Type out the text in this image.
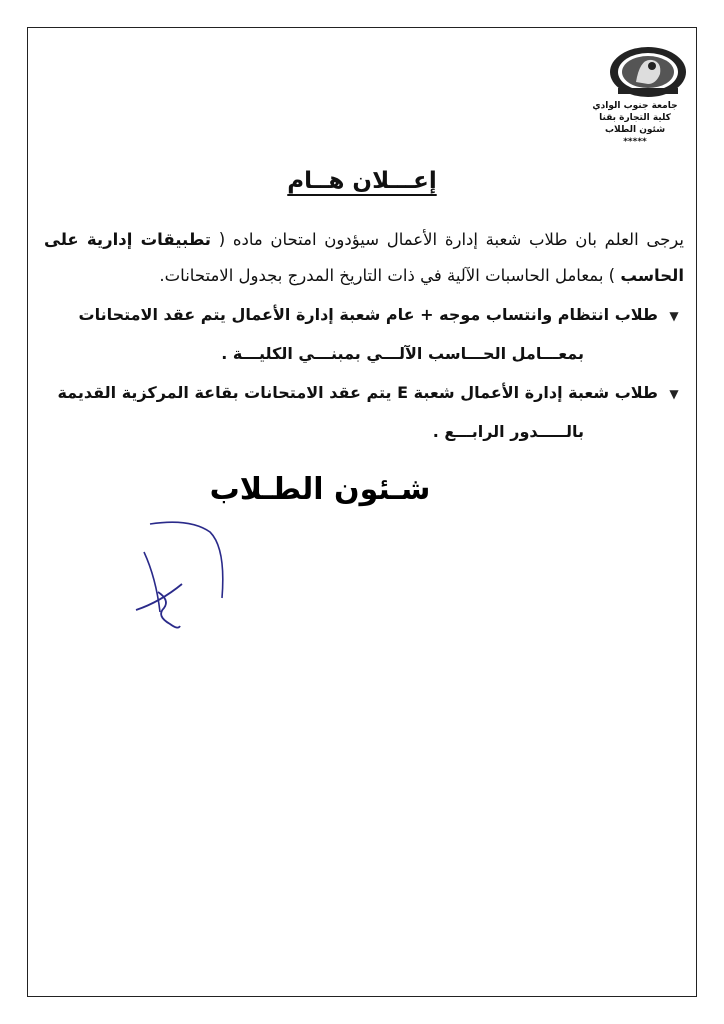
جامعة جنوب الوادي
كلية التجارة بقنا
شئون الطلاب
*****
إعـــلان هــام
يرجى العلم بان طلاب شعبة إدارة الأعمال سيؤدون امتحان ماده ( تطبيقات إدارية على الحاسب ) بمعامل الحاسبات الآلية في ذات التاريخ المدرج بجدول الامتحانات.
▼طلاب انتظام وانتساب موجه + عام شعبة إدارة الأعمال يتم عقد الامتحانات
بمعـــامل الحـــاسب الآلـــي بمبنـــي الكليـــة .
▼طلاب شعبة إدارة الأعمال شعبة E يتم عقد الامتحانات بقاعة المركزية القديمة
بالـــــدور الرابـــع .
شـئون الطـلاب
